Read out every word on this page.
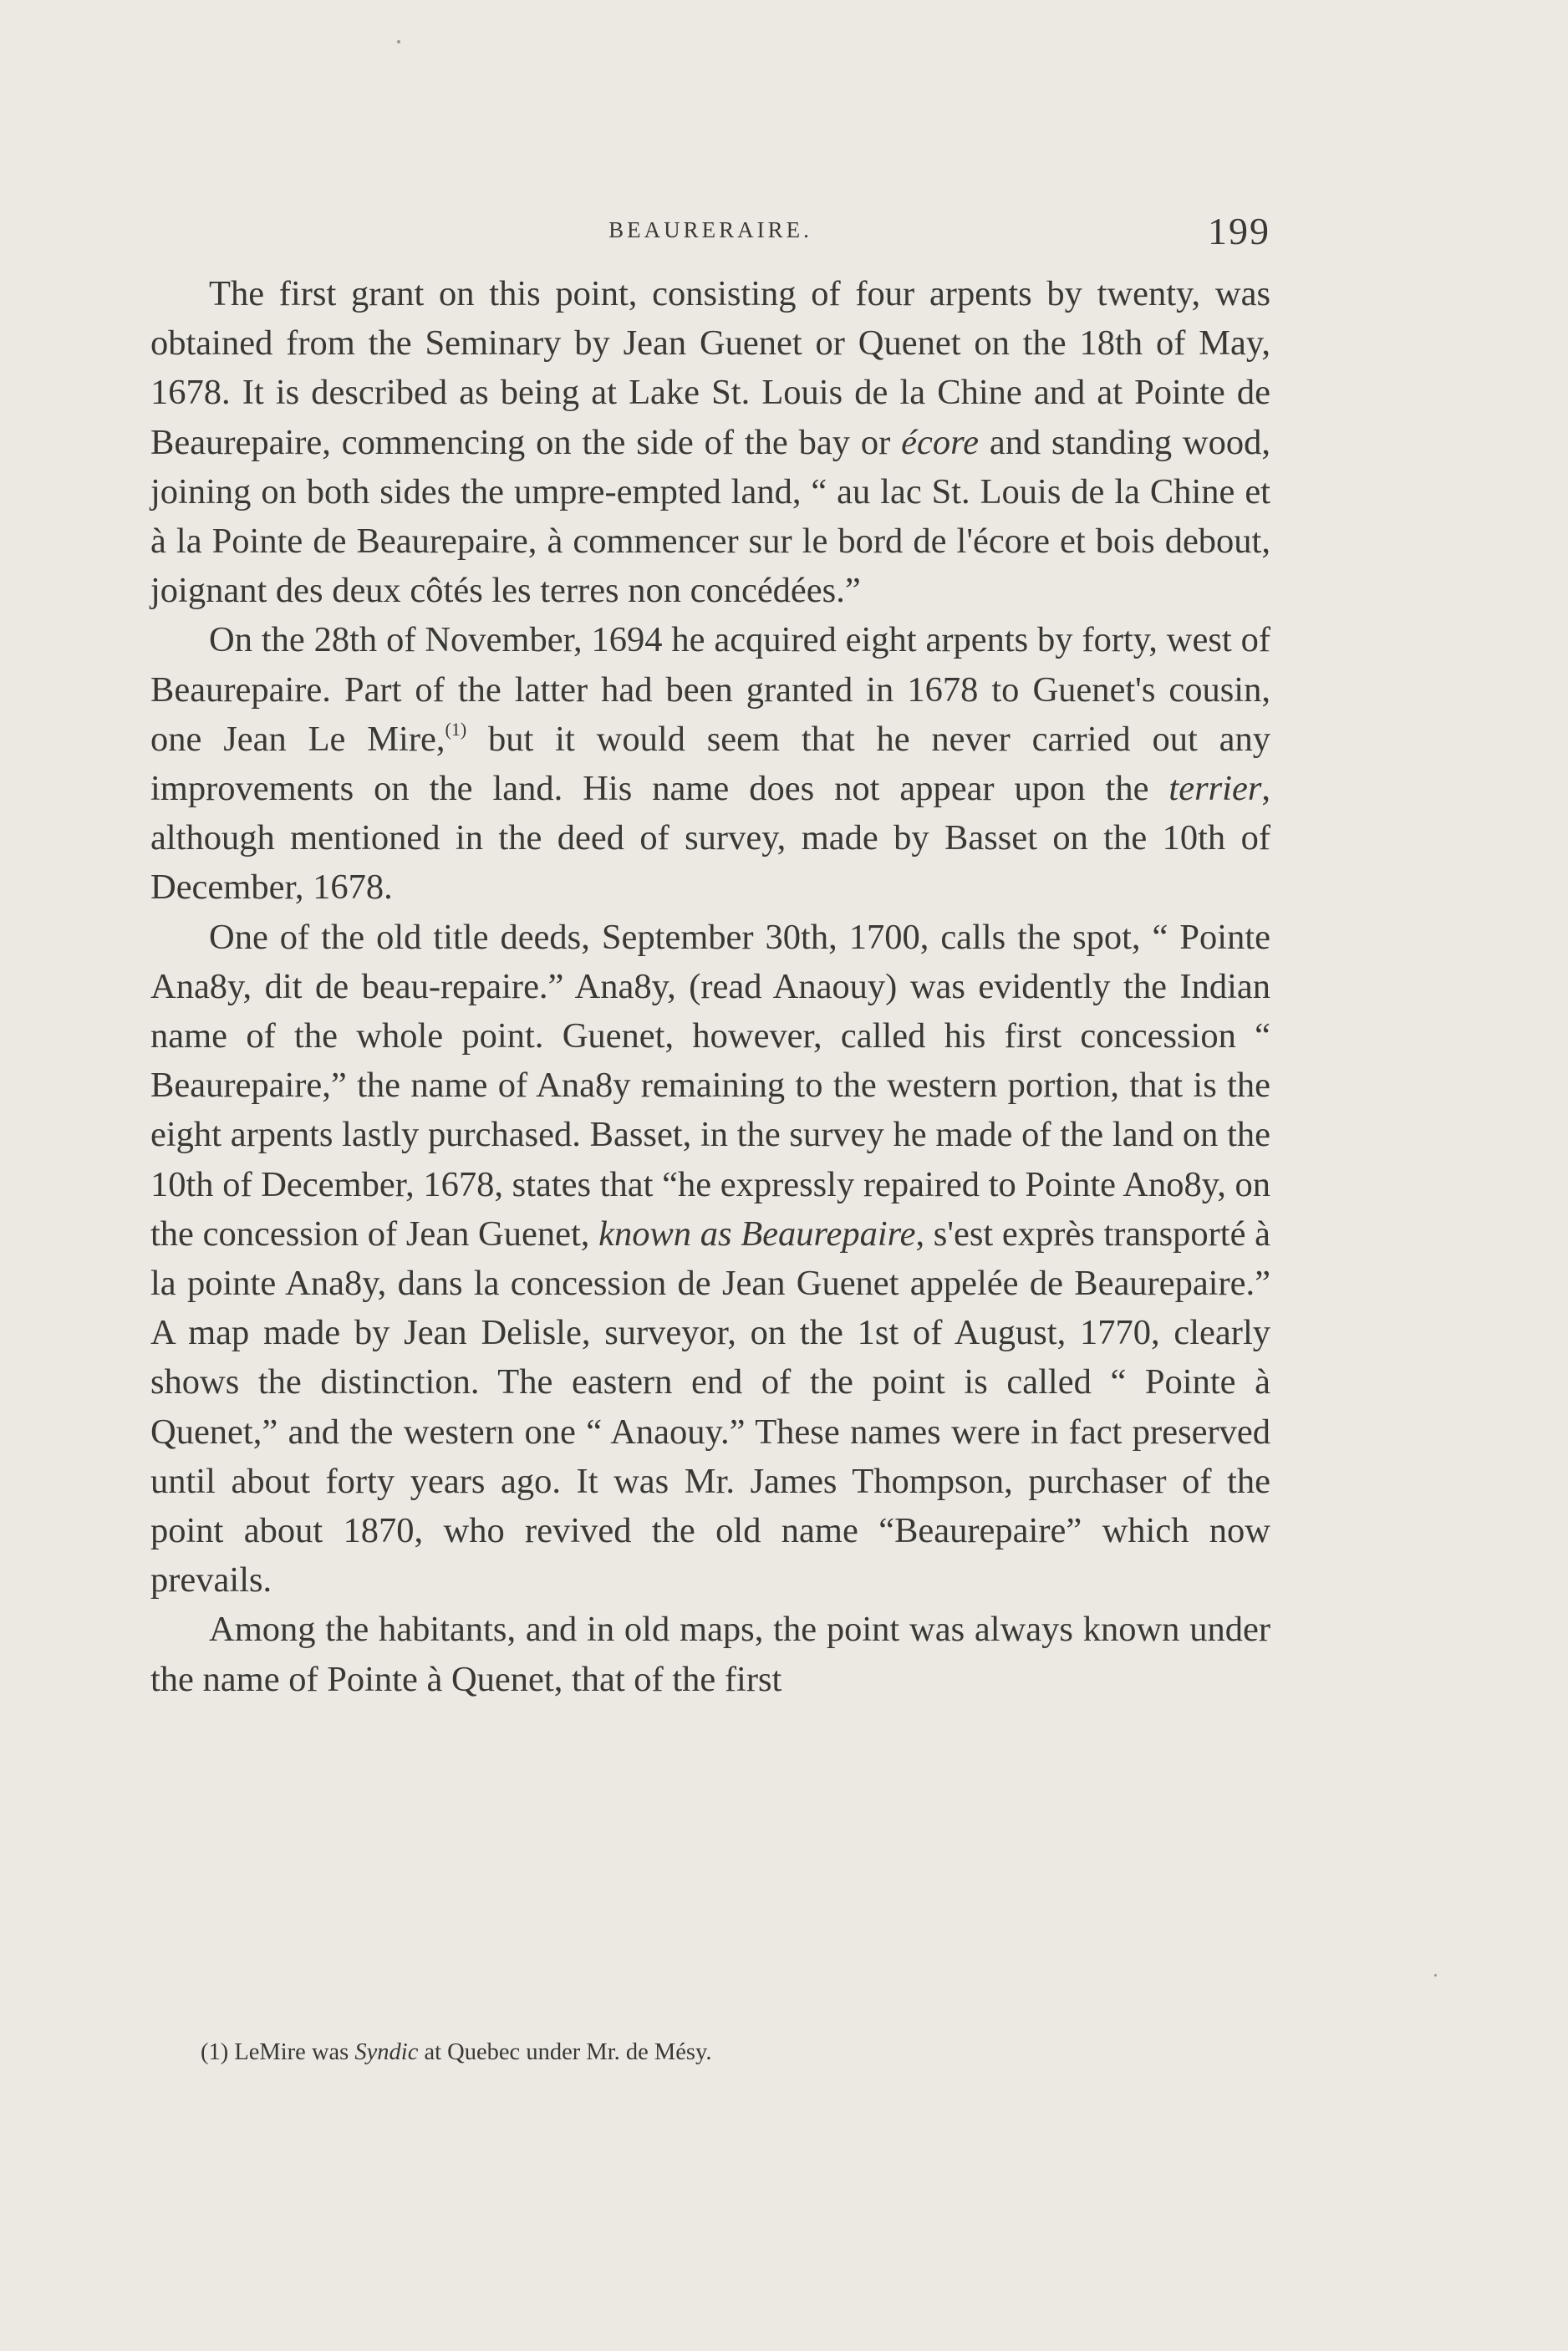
BEAURERAIRE.	199

The first grant on this point, consisting of four arpents by twenty, was obtained from the Seminary by Jean Guenet or Quenet on the 18th of May, 1678. It is described as being at Lake St. Louis de la Chine and at Pointe de Beaurepaire, commencing on the side of the bay or écore and standing wood, joining on both sides the umpre-empted land, “ au lac St. Louis de la Chine et à la Pointe de Beaurepaire, à commencer sur le bord de l'écore et bois debout, joignant des deux côtés les terres non concédées.”

On the 28th of November, 1694 he acquired eight arpents by forty, west of Beaurepaire. Part of the latter had been granted in 1678 to Guenet's cousin, one Jean Le Mire,$^{(1)}$ but it would seem that he never carried out any improvements on the land. His name does not appear upon the terrier, although mentioned in the deed of survey, made by Basset on the 10th of December, 1678.

One of the old title deeds, September 30th, 1700, calls the spot, “ Pointe Ana8y, dit de beau-repaire.” Ana8y, (read Anaouy) was evidently the Indian name of the whole point. Guenet, however, called his first concession “ Beaurepaire,” the name of Ana8y remaining to the western portion, that is the eight arpents lastly purchased. Basset, in the survey he made of the land on the 10th of December, 1678, states that “he expressly repaired to Pointe Ano8y, on the concession of Jean Guenet, known as Beaurepaire, s'est exprès transporté à la pointe Ana8y, dans la concession de Jean Guenet appelée de Beaurepaire.” A map made by Jean Delisle, surveyor, on the 1st of August, 1770, clearly shows the distinction. The eastern end of the point is called “ Pointe à Quenet,” and the western one “ Anaouy.” These names were in fact preserved until about forty years ago. It was Mr. James Thompson, purchaser of the point about 1870, who revived the old name “Beaurepaire” which now prevails.

Among the habitants, and in old maps, the point was always known under the name of Pointe à Quenet, that of the first

(1) LeMire was Syndic at Quebec under Mr. de Mésy.
